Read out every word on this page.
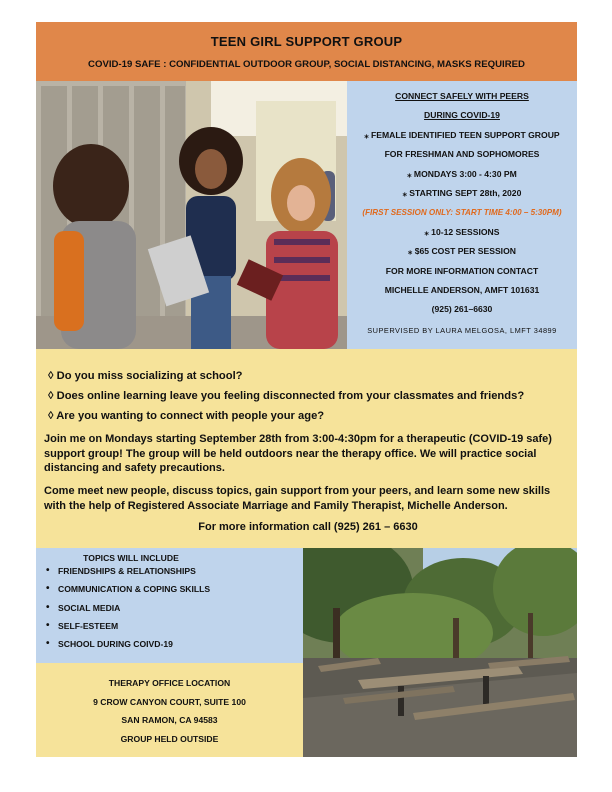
TEEN GIRL SUPPORT GROUP
COVID-19 SAFE : CONFIDENTIAL OUTDOOR GROUP, SOCIAL DISTANCING, MASKS REQUIRED
CONNECT SAFELY WITH PEERS
DURING COVID-19
⁎ FEMALE IDENTIFIED TEEN SUPPORT GROUP
FOR FRESHMAN AND SOPHOMORES
⁎ MONDAYS 3:00 - 4:30 PM
⁎ STARTING SEPT 28th, 2020
(FIRST SESSION ONLY: START TIME 4:00 – 5:30PM)
⁎ 10-12 SESSIONS
⁎ $65 COST PER SESSION
FOR MORE INFORMATION CONTACT
MICHELLE ANDERSON, AMFT 101631
(925) 261–6630
SUPERVISED BY LAURA MELGOSA, LMFT 34899
◊ Do you miss socializing at school?
◊ Does online learning leave you feeling disconnected from your classmates and friends?
◊ Are you wanting to connect with people your age?
Join me on Mondays starting September 28th from 3:00-4:30pm for a therapeutic (COVID-19 safe) support group! The group will be held outdoors near the therapy office. We will practice social distancing and safety precautions.
Come meet new people, discuss topics, gain support from your peers, and learn some new skills with the help of Registered Associate Marriage and Family Therapist, Michelle Anderson.
For more information call (925) 261 – 6630
TOPICS WILL INCLUDE
• FRIENDSHIPS & RELATIONSHIPS
• COMMUNICATION & COPING SKILLS
• SOCIAL MEDIA
• SELF-ESTEEM
• SCHOOL DURING COIVD-19
THERAPY OFFICE LOCATION
9 CROW CANYON COURT, SUITE 100
SAN RAMON, CA 94583
GROUP HELD OUTSIDE
